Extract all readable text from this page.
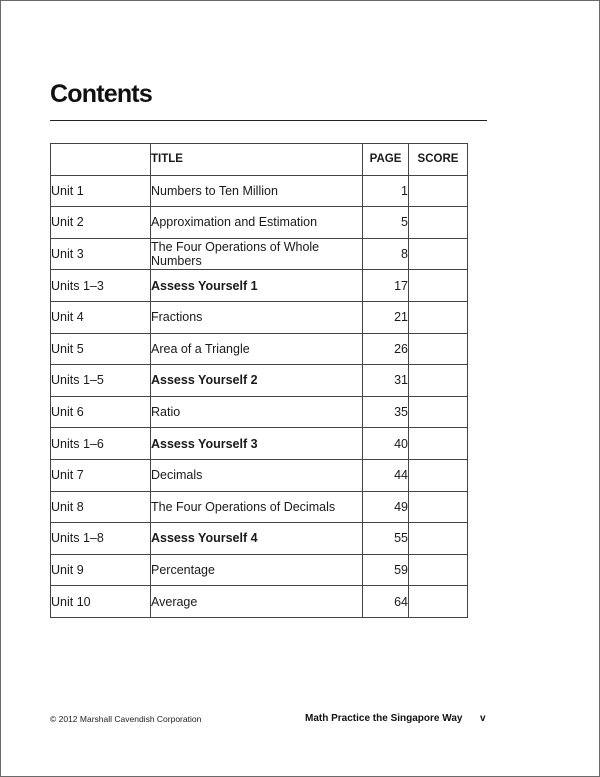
Contents
	TITLE	PAGE	SCORE
Unit 1	Numbers to Ten Million	1	
Unit 2	Approximation and Estimation	5	
Unit 3	The Four Operations of Whole Numbers	8	
Units 1–3	Assess Yourself 1	17	
Unit 4	Fractions	21	
Unit 5	Area of a Triangle	26	
Units 1–5	Assess Yourself 2	31	
Unit 6	Ratio	35	
Units 1–6	Assess Yourself 3	40	
Unit 7	Decimals	44	
Unit 8	The Four Operations of Decimals	49	
Units 1–8	Assess Yourself 4	55	
Unit 9	Percentage	59	
Unit 10	Average	64	
© 2012 Marshall Cavendish Corporation	Math Practice the Singapore Way v
